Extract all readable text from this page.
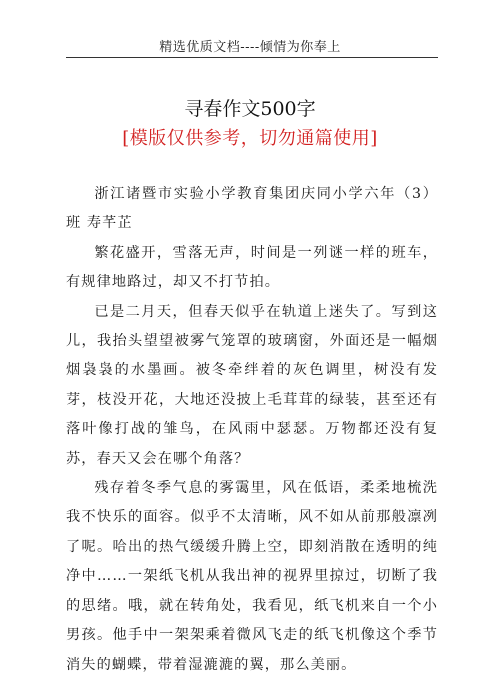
精选优质文档----倾情为你奉上
寻春作文500字
[模版仅供参考，切勿通篇使用]

浙江诸暨市实验小学教育集团庆同小学六年（3）班 寿芊芷

繁花盛开，雪落无声，时间是一列谜一样的班车，有规律地路过，却又不打节拍。

已是二月天，但春天似乎在轨道上迷失了。写到这儿，我抬头望望被雾气笼罩的玻璃窗，外面还是一幅烟烟袅袅的水墨画。被冬牵绊着的灰色调里，树没有发芽，枝没开花，大地还没披上毛茸茸的绿装，甚至还有落叶像打战的雏鸟，在风雨中瑟瑟。万物都还没有复苏，春天又会在哪个角落？

残存着冬季气息的雾霭里，风在低语，柔柔地梳洗我不快乐的面容。似乎不太清晰，风不如从前那般凛冽了呢。哈出的热气缓缓升腾上空，即刻消散在透明的纯净中……一架纸飞机从我出神的视界里掠过，切断了我的思绪。哦，就在转角处，我看见，纸飞机来自一个小男孩。他手中一架架乘着微风飞走的纸飞机像这个季节消失的蝴蝶，带着湿漉漉的翼，那么美丽。
